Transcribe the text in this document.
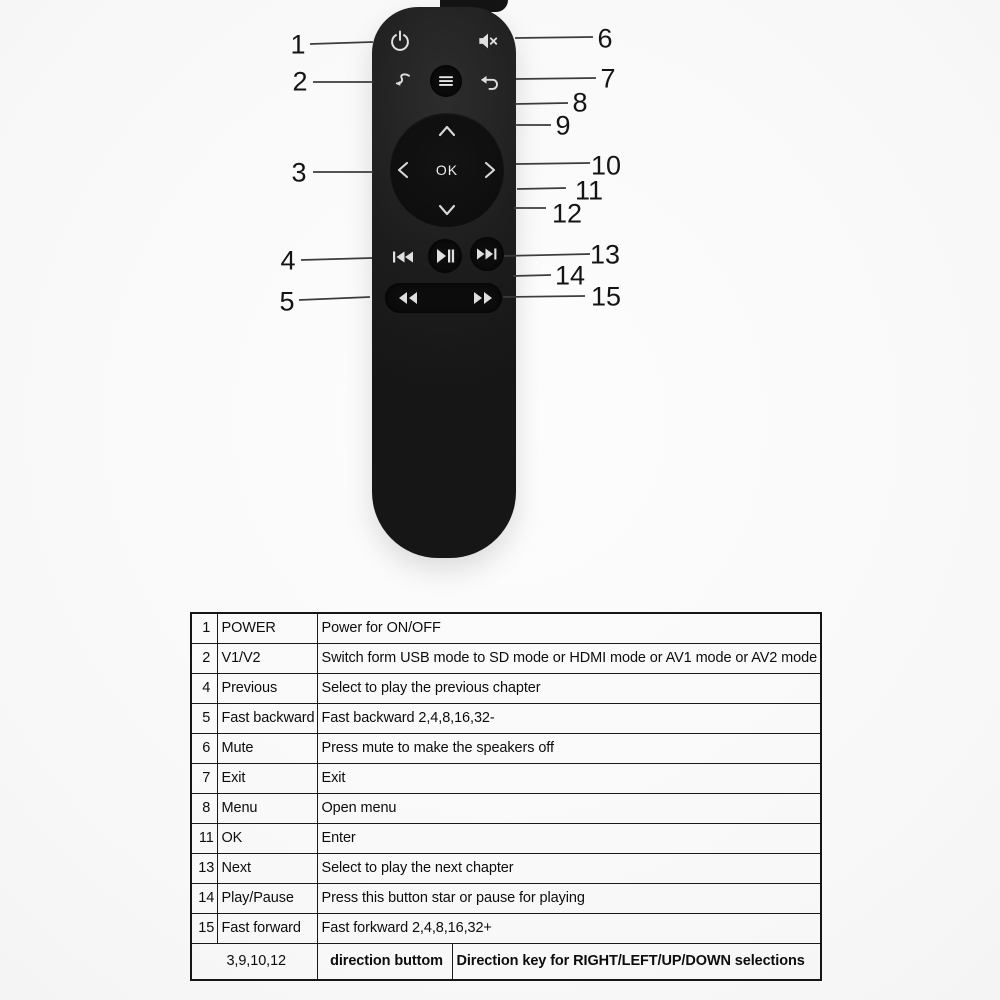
OK
1
2
3
4
5
6
7
8
9
10
11
12
13
14
15
1	POWER	Power for ON/OFF	
2	V1/V2	Switch form USB mode to SD mode or HDMI mode or AV1 mode or AV2 mode	
4	Previous	Select to play the previous chapter	
5	Fast backward	Fast backward 2,4,8,16,32-	
6	Mute	Press mute to make the speakers off	
7	Exit	Exit	
8	Menu	Open menu	
11	OK	Enter	
13	Next	Select to play the next chapter	
14	Play/Pause	Press this button star or pause for playing	
15	Fast forward	Fast forkward 2,4,8,16,32+	
3,9,10,12		direction buttom	Direction key for RIGHT/LEFT/UP/DOWN selections
